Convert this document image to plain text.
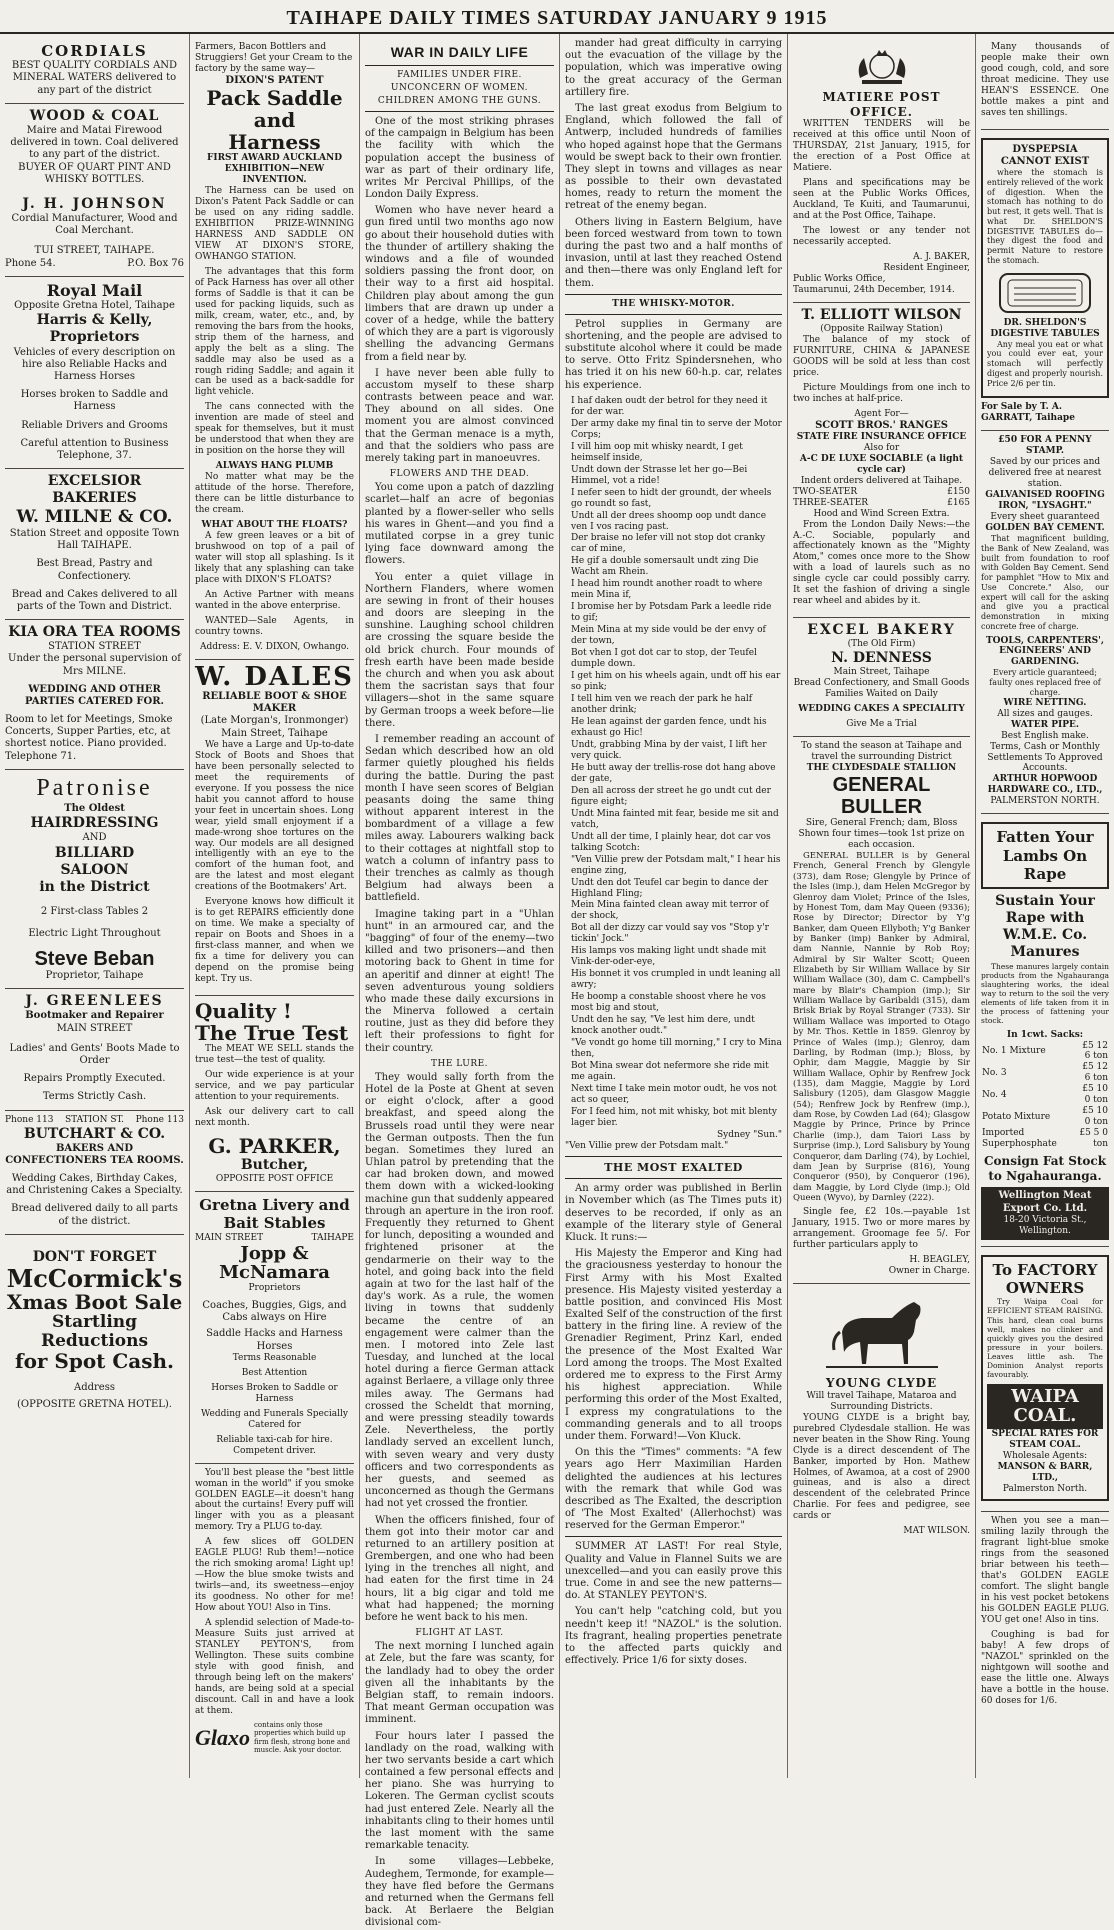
TAIHAPE DAILY TIMES SATURDAY JANUARY 9 1915
CORDIALS
BEST QUALITY CORDIALS AND MINERAL WATERS delivered to any part of the district
WOOD & COAL
Maire and Matai Firewood delivered in town. Coal delivered to any part of the district.
BUYER OF QUART PINT AND WHISKY BOTTLES.
J. H. JOHNSON
Cordial Manufacturer, Wood and Coal Merchant.
TUI STREET, TAIHAPE.
Phone 54.	P.O. Box 76
Royal Mail
Opposite Gretna Hotel, Taihape
Harris & Kelly, Proprietors
Vehicles of every description on hire also Reliable Hacks and Harness Horses
Horses broken to Saddle and Harness
Reliable Drivers and Grooms
Careful attention to Business
Telephone, 37.
EXCELSIOR BAKERIES
W. MILNE & CO.
Station Street and opposite Town Hall TAIHAPE.
Best Bread, Pastry and Confectionery.
Bread and Cakes delivered to all parts of the Town and District.
KIA ORA TEA ROOMS
STATION STREET
Under the personal supervision of Mrs MILNE.
WEDDING AND OTHER PARTIES CATERED FOR.
Room to let for Meetings, Smoke Concerts, Supper Parties, etc, at shortest notice. Piano provided.
Telephone 71.
Patronise
The Oldest
HAIRDRESSING
AND
BILLIARD
SALOON
in the District
2 First-class Tables 2
Electric Light Throughout
Steve Beban
Proprietor, Taihape
J. GREENLEES
Bootmaker and Repairer
MAIN STREET
Ladies' and Gents' Boots Made to Order
Repairs Promptly Executed.
Terms Strictly Cash.
Phone 113 STATION ST. Phone 113
BUTCHART & CO.
BAKERS AND CONFECTIONERS TEA ROOMS.
Wedding Cakes, Birthday Cakes, and Christening Cakes a Specialty.
Bread delivered daily to all parts of the district.
DON'T FORGET
McCormick's
Xmas Boot Sale
Startling Reductions
for Spot Cash.
Address
(OPPOSITE GRETNA HOTEL).
Farmers, Bacon Bottlers and Struggiers! Get your Cream to the factory by the same way—
DIXON'S PATENT
Pack Saddle and
Harness
FIRST AWARD AUCKLAND EXHIBITION—NEW INVENTION.

The Harness can be used on Dixon's Patent Pack Saddle or can be used on any riding saddle. EXHIBITION PRIZE-WINNING HARNESS AND SADDLE ON VIEW AT DIXON'S STORE, OWHANGO STATION.

The advantages that this form of Pack Harness has over all other forms of Saddle is that it can be used for packing liquids, such as milk, cream, water, etc., and, by removing the bars from the hooks, strip them of the harness, and apply the belt as a sling. The saddle may also be used as a rough riding Saddle; and again it can be used as a back-saddle for light vehicle.

The cans connected with the invention are made of steel and speak for themselves, but it must be understood that when they are in position on the horse they will

ALWAYS HANG PLUMB

No matter what may be the attitude of the horse. Therefore, there can be little disturbance to the cream.

WHAT ABOUT THE FLOATS?

A few green leaves or a bit of brushwood on top of a pail of water will stop all splashing. Is it likely that any splashing can take place with DIXON'S FLOATS?

An Active Partner with means wanted in the above enterprise.

WANTED—Sale Agents, in country towns.

Address: E. V. DIXON, Owhango.
W. DALES
RELIABLE BOOT & SHOE MAKER
(Late Morgan's, Ironmonger) Main Street, Taihape

We have a Large and Up-to-date Stock of Boots and Shoes that have been personally selected to meet the requirements of everyone. If you possess the nice habit you cannot afford to house your feet in uncertain shoes. Long wear, yield small enjoyment if a made-wrong shoe tortures on the way. Our models are all designed intelligently with an eye to the comfort of the human foot, and are the latest and most elegant creations of the Bootmakers' Art.

Everyone knows how difficult it is to get REPAIRS efficiently done on time. We make a specialty of repair on Boots and Shoes in a first-class manner, and when we fix a time for delivery you can depend on the promise being kept. Try us.

Quality !
The True Test

The MEAT WE SELL stands the true test—the test of quality.

Our wide experience is at your service, and we pay particular attention to your requirements.

Ask our delivery cart to call next month.

G. PARKER,
Butcher,
OPPOSITE POST OFFICE
Gretna Livery and Bait Stables
MAIN STREET	TAIHAPE
Jopp & McNamara
Proprietors
Coaches, Buggies, Gigs, and Cabs always on Hire
Saddle Hacks and Harness Horses
Terms Reasonable
Best Attention
Horses Broken to Saddle or Harness
Wedding and Funerals Specially Catered for
Reliable taxi-cab for hire. Competent driver.

You'll best please the "best little woman in the world" if you smoke GOLDEN EAGLE—it doesn't hang about the curtains! Every puff will linger with you as a pleasant memory. Try a PLUG to-day.

A few slices off GOLDEN EAGLE PLUG! Rub them!—notice the rich smoking aroma! Light up!—How the blue smoke twists and twirls—and, its sweetness—enjoy its goodness. No other for me! How about YOU! Also in Tins.

A splendid selection of Made-to-Measure Suits just arrived at STANLEY PEYTON'S, from Wellington. These suits combine style with good finish, and through being left on the makers' hands, are being sold at a special discount. Call in and have a look at them.

Glaxo contains only those properties which build up firm flesh, strong bone and muscle. Ask your doctor.
WAR IN DAILY LIFE
FAMILIES UNDER FIRE.
UNCONCERN OF WOMEN.
CHILDREN AMONG THE GUNS.

One of the most striking phrases of the campaign in Belgium has been the facility with which the population accept the business of war as part of their ordinary life, writes Mr Percival Phillips, of the London Daily Express.

Women who have never heard a gun fired until two months ago now go about their household duties with the thunder of artillery shaking the windows and a file of wounded soldiers passing the front door, on their way to a first aid hospital. Children play about among the gun limbers that are drawn up under a cover of a hedge, while the battery of which they are a part is vigorously shelling the advancing Germans from a field near by.

I have never been able fully to accustom myself to these sharp contrasts between peace and war. They abound on all sides. One moment you are almost convinced that the German menace is a myth, and that the soldiers who pass are merely taking part in manoeuvres.

FLOWERS AND THE DEAD.

You come upon a patch of dazzling scarlet—half an acre of begonias planted by a flower-seller who sells his wares in Ghent—and you find a mutilated corpse in a grey tunic lying face downward among the flowers.

You enter a quiet village in Northern Flanders, where women are sewing in front of their houses and doors are sleeping in the sunshine. Laughing school children are crossing the square beside the old brick church. Four mounds of fresh earth have been made beside the church and when you ask about them the sacristan says that four villagers—shot in the same square by German troops a week before—lie there.

I remember reading an account of Sedan which described how an old farmer quietly ploughed his fields during the battle. During the past month I have seen scores of Belgian peasants doing the same thing without apparent interest in the bombardment of a village a few miles away. Labourers walking back to their cottages at nightfall stop to watch a column of infantry pass to their trenches as calmly as though Belgium had always been a battlefield.

Imagine taking part in a "Uhlan hunt" in an armoured car, and the "bagging" of four of the enemy—two killed and two prisoners—and then motoring back to Ghent in time for an aperitif and dinner at eight! The seven adventurous young soldiers who made these daily excursions in the Minerva followed a certain routine, just as they did before they left their professions to fight for their country.

THE LURE.

They would sally forth from the Hotel de la Poste at Ghent at seven or eight o'clock, after a good breakfast, and speed along the Brussels road until they were near the German outposts. Then the fun began. Sometimes they lured an Uhlan patrol by pretending that the car had broken down, and mowed them down with a wicked-looking machine gun that suddenly appeared through an aperture in the iron roof. Frequently they returned to Ghent for lunch, depositing a wounded and frightened prisoner at the gendarmerie on their way to the hotel, and going back into the field again at two for the last half of the day's work. As a rule, the women living in towns that suddenly became the centre of an engagement were calmer than the men. I motored into Zele last Tuesday, and lunched at the local hotel during a fierce German attack against Berlaere, a village only three miles away. The Germans had crossed the Scheldt that morning, and were pressing steadily towards Zele. Nevertheless, the portly landlady served an excellent lunch, with seven weary and very dusty officers and two correspondents as her guests, and seemed as unconcerned as though the Germans had not yet crossed the frontier.

When the officers finished, four of them got into their motor car and returned to an artillery position at Grembergen, and one who had been lying in the trenches all night, and had eaten for the first time in 24 hours, lit a big cigar and told me what had happened; the morning before he went back to his men.

FLIGHT AT LAST.

The next morning I lunched again at Zele, but the fare was scanty, for the landlady had to obey the order given all the inhabitants by the Belgian staff, to remain indoors. That meant German occupation was imminent.

Four hours later I passed the landlady on the road, walking with her two servants beside a cart which contained a few personal effects and her piano. She was hurrying to Lokeren. The German cyclist scouts had just entered Zele. Nearly all the inhabitants cling to their homes until the last moment with the same remarkable tenacity.

In some villages—Lebbeke, Audeghem, Termonde, for example—they have fled before the Germans and returned when the Germans fell back. At Berlaere the Belgian divisional com-

mander had great difficulty in carrying out the evacuation of the village by the population, which was imperative owing to the great accuracy of the German artillery fire.

The last great exodus from Belgium to England, which followed the fall of Antwerp, included hundreds of families who hoped against hope that the Germans would be swept back to their own frontier. They slept in towns and villages as near as possible to their own devastated homes, ready to return the moment the retreat of the enemy began.

Others living in Eastern Belgium, have been forced westward from town to town during the past two and a half months of invasion, until at last they reached Ostend and then—there was only England left for them.

THE WHISKY-MOTOR.

Petrol supplies in Germany are shortening, and the people are advised to substitute alcohol where it could be made to serve. Otto Fritz Spindersnehen, who has tried it on his new 60-h.p. car, relates his experience.

I haf daken oudt der betrol for they need it for der war.

Der army dake my final tin to serve der Motor Corps;

I vill him oop mit whisky neardt, I get heimself inside,

Undt down der Strasse let her go—Bei Himmel, vot a ride!

I nefer seen to hidt der groundt, der wheels go roundt so fast,

Undt all der drees shoomp oop undt dance ven I vos racing past.

Der braise no lefer vill not stop dot cranky car of mine,

He gif a double somersault undt zing Die Wacht am Rhein.

I head him roundt another roadt to where mein Mina if,

I bromise her by Potsdam Park a leedle ride to gif;

Mein Mina at my side vould be der envy of der town,

Bot vhen I got dot car to stop, der Teufel dumple down.

I get him on his wheels again, undt off his ear so pink;

I tell him ven we reach der park he half another drink;

He lean against der garden fence, undt his exhaust go Hic!

Undt, grabbing Mina by der vaist, I lift her very quick.

He butt away der trellis-rose dot hang above der gate,

Den all across der street he go undt cut der figure eight;

Undt Mina fainted mit fear, beside me sit and vatch,

Undt all der time, I plainly hear, dot car vos talking Scotch:

"Ven Villie prew der Potsdam malt," I hear his engine zing,

Undt den dot Teufel car begin to dance der Highland Fling;

Mein Mina fainted clean away mit terror of der shock,

Bot all der dizzy car vould say vos "Stop y'r tickin' Jock."

His lamps vos making light undt shade mit Vink-der-oder-eye,

His bonnet it vos crumpled in undt leaning all awry;

He boomp a constable shoost vhere he vos most big and stout,

Undt den he say, "Ve lest him dere, undt knock another oudt."

"Ve vondt go home till morning," I cry to Mina then,

Bot Mina swear dot nefermore she ride mit me again.

Next time I take mein motor oudt, he vos not act so queer,

For I feed him, not mit whisky, bot mit blenty lager bier.

Sydney "Sun."
"Ven Villie prew der Potsdam malt."
THE MOST EXALTED

An army order was published in Berlin in November which (as The Times puts it) deserves to be recorded, if only as an example of the literary style of General Kluck. It runs:—

His Majesty the Emperor and King had the graciousness yesterday to honour the First Army with his Most Exalted presence. His Majesty visited yesterday a battle position, and convinced His Most Exalted Self of the construction of the first battery in the firing line. A review of the Grenadier Regiment, Prinz Karl, ended the presence of the Most Exalted War Lord among the troops. The Most Exalted ordered me to express to the First Army his highest appreciation. While performing this order of the Most Exalted, I express my congratulations to the commanding generals and to all troops under them. Forward!—Von Kluck.

On this the "Times" comments: "A few years ago Herr Maximilian Harden delighted the audiences at his lectures with the remark that while God was described as The Exalted, the description of 'The Most Exalted' (Allerhochst) was reserved for the German Emperor."

SUMMER AT LAST! For real Style, Quality and Value in Flannel Suits we are unexcelled—and you can easily prove this true. Come in and see the new patterns—do. At STANLEY PEYTON'S.

You can't help "catching cold, but you needn't keep it! "NAZOL" is the solution. Its fragrant, healing properties penetrate to the affected parts quickly and effectively. Price 1/6 for sixty doses.

MATIERE POST OFFICE.

WRITTEN TENDERS will be received at this office until Noon of THURSDAY, 21st January, 1915, for the erection of a Post Office at Matiere.

Plans and specifications may be seen at the Public Works Offices, Auckland, Te Kuiti, and Taumarunui, and at the Post Office, Taihape.

The lowest or any tender not necessarily accepted.

A. J. BAKER,
Resident Engineer,
Public Works Office,
Taumarunui, 24th December, 1914.
T. ELLIOTT WILSON
(Opposite Railway Station)

The balance of my stock of FURNITURE, CHINA & JAPANESE GOODS will be sold at less than cost price.

Picture Mouldings from one inch to two inches at half-price.

Agent For—
SCOTT BROS.' RANGES
STATE FIRE INSURANCE OFFICE
Also for
A-C DE LUXE SOCIABLE (a light cycle car)
Indent orders delivered at Taihape.
TWO-SEATER	£150
THREE-SEATER	£165
Hood and Wind Screen Extra.

From the London Daily News:—the A.-C. Sociable, popularly and affectionately known as the "Mighty Atom," comes once more to the Show with a load of laurels such as no single cycle car could possibly carry. It set the fashion of driving a single rear wheel and abides by it.

EXCEL BAKERY
(The Old Firm)
N. DENNESS
Main Street, Taihape
Bread Confectionery, and Small Goods
Families Waited on Daily
WEDDING CAKES A SPECIALITY
Give Me a Trial
To stand the season at Taihape and travel the surrounding District
THE CLYDESDALE STALLION
GENERAL BULLER
Sire, General French; dam, Bloss Shown four times—took 1st prize on each occasion.

GENERAL BULLER is by General French, General French by Glengyle (373), dam Rose; Glengyle by Prince of the Isles (imp.), dam Helen McGregor by Glenroy dam Violet; Prince of the Isles, by Honest Tom, dam May Queen (9336); Rose by Director; Director by Y'g Banker, dam Queen Ellyboth; Y'g Banker by Banker (imp) Banker by Admiral, dam Nannie, Nannie by Rob Roy; Admiral by Sir Walter Scott; Queen Elizabeth by Sir William Wallace by Sir William Wallace (30), dam C. Campbell's mare by Blair's Champion (imp.); Sir William Wallace by Garibaldi (315), dam Brisk Briak by Royal Stranger (733). Sir William Wallace was imported to Otago by Mr. Thos. Kettle in 1859. Glenroy by Prince of Wales (imp.); Glenroy, dam Darling, by Rodman (imp.); Bloss, by Ophir, dam Maggie, Maggie by Sir William Wallace, Ophir by Renfrew Jock (135), dam Maggie, Maggie by Lord Salisbury (1205), dam Glasgow Maggie (54); Renfrew Jock by Renfrew (imp.), dam Rose, by Cowden Lad (64); Glasgow Maggie by Prince, Prince by Prince Charlie (imp.), dam Taiori Lass by Surprise (imp.), Lord Salisbury by Young Conqueror, dam Darling (74), by Lochiel, dam Jean by Surprise (816), Young Conqueror (950), by Conqueror (196), dam Maggie, by Lord Clyde (imp.); Old Queen (Wyvo), by Darnley (222).

Single fee, £2 10s.—payable 1st January, 1915. Two or more mares by arrangement. Groomage fee 5/. For further particulars apply to

H. BEAGLEY,
Owner in Charge.
YOUNG CLYDE
Will travel Taihape, Mataroa and Surrounding Districts.

YOUNG CLYDE is a bright bay, purebred Clydesdale stallion. He was never beaten in the Show Ring. Young Clyde is a direct descendent of The Banker, imported by Hon. Mathew Holmes, of Awamoa, at a cost of 2900 guineas, and is also a direct descendent of the celebrated Prince Charlie. For fees and pedigree, see cards or

MAT WILSON.

Many thousands of people make their own good cough, cold, and sore throat medicine. They use HEAN'S ESSENCE. One bottle makes a pint and saves ten shillings.

DYSPEPSIA
CANNOT EXIST

where the stomach is entirely relieved of the work of digestion. When the stomach has nothing to do but rest, it gets well. That is what Dr. SHELDON'S DIGESTIVE TABULES do—they digest the food and permit Nature to restore the stomach.

DR. SHELDON'S DIGESTIVE TABULES

Any meal you eat or what you could ever eat, your stomach will perfectly digest and properly nourish. Price 2/6 per tin.

For Sale by T. A. GARRATT, Taihape
£50 FOR A PENNY STAMP.
Saved by our prices and delivered free at nearest station.
GALVANISED ROOFING IRON, "LYSAGHT."
Every sheet guaranteed
GOLDEN BAY CEMENT.

That magnificent building, the Bank of New Zealand, was built from foundation to roof with Golden Bay Cement. Send for pamphlet "How to Mix and Use Concrete." Also, our expert will call for the asking and give you a practical demonstration in mixing concrete free of charge.

TOOLS, CARPENTERS', ENGINEERS' AND GARDENING.
Every article guaranteed; faulty ones replaced free of charge.
WIRE NETTING.
All sizes and gauges.
WATER PIPE.
Best English make.
Terms, Cash or Monthly Settlements To Approved Accounts.
ARTHUR HOPWOOD HARDWARE CO., LTD.,
PALMERSTON NORTH.
Fatten Your Lambs On Rape
Sustain Your Rape with W.M.E. Co. Manures

These manures largely contain products from the Ngahauranga slaughtering works, the ideal way to return to the soil the very elements of life taken from it in the process of fattening your stock.

In 1cwt. Sacks:
No. 1 Mixture	£5 12 6 ton
No. 3	£5 12 6 ton
No. 4	£5 10 0 ton
Potato Mixture	£5 10 0 ton
Imported Superphosphate	£5 5 0 ton
Consign Fat Stock to Ngahauranga.
Wellington Meat Export Co. Ltd.
18-20 Victoria St., Wellington.
To FACTORY OWNERS

Try Waipa Coal for EFFICIENT STEAM RAISING. This hard, clean coal burns well, makes no clinker and quickly gives you the desired pressure in your boilers. Leaves little ash. The Dominion Analyst reports favourably.

WAIPA COAL.
SPECIAL RATES FOR STEAM COAL.
Wholesale Agents:
MANSON & BARR, LTD.,
Palmerston North.

When you see a man—smiling lazily through the fragrant light-blue smoke rings from the seasoned briar between his teeth—that's GOLDEN EAGLE comfort. The slight bangle in his vest pocket betokens his GOLDEN EAGLE PLUG. YOU get one! Also in tins.

Coughing is bad for baby! A few drops of "NAZOL" sprinkled on the nightgown will soothe and ease the little one. Always have a bottle in the house. 60 doses for 1/6.
